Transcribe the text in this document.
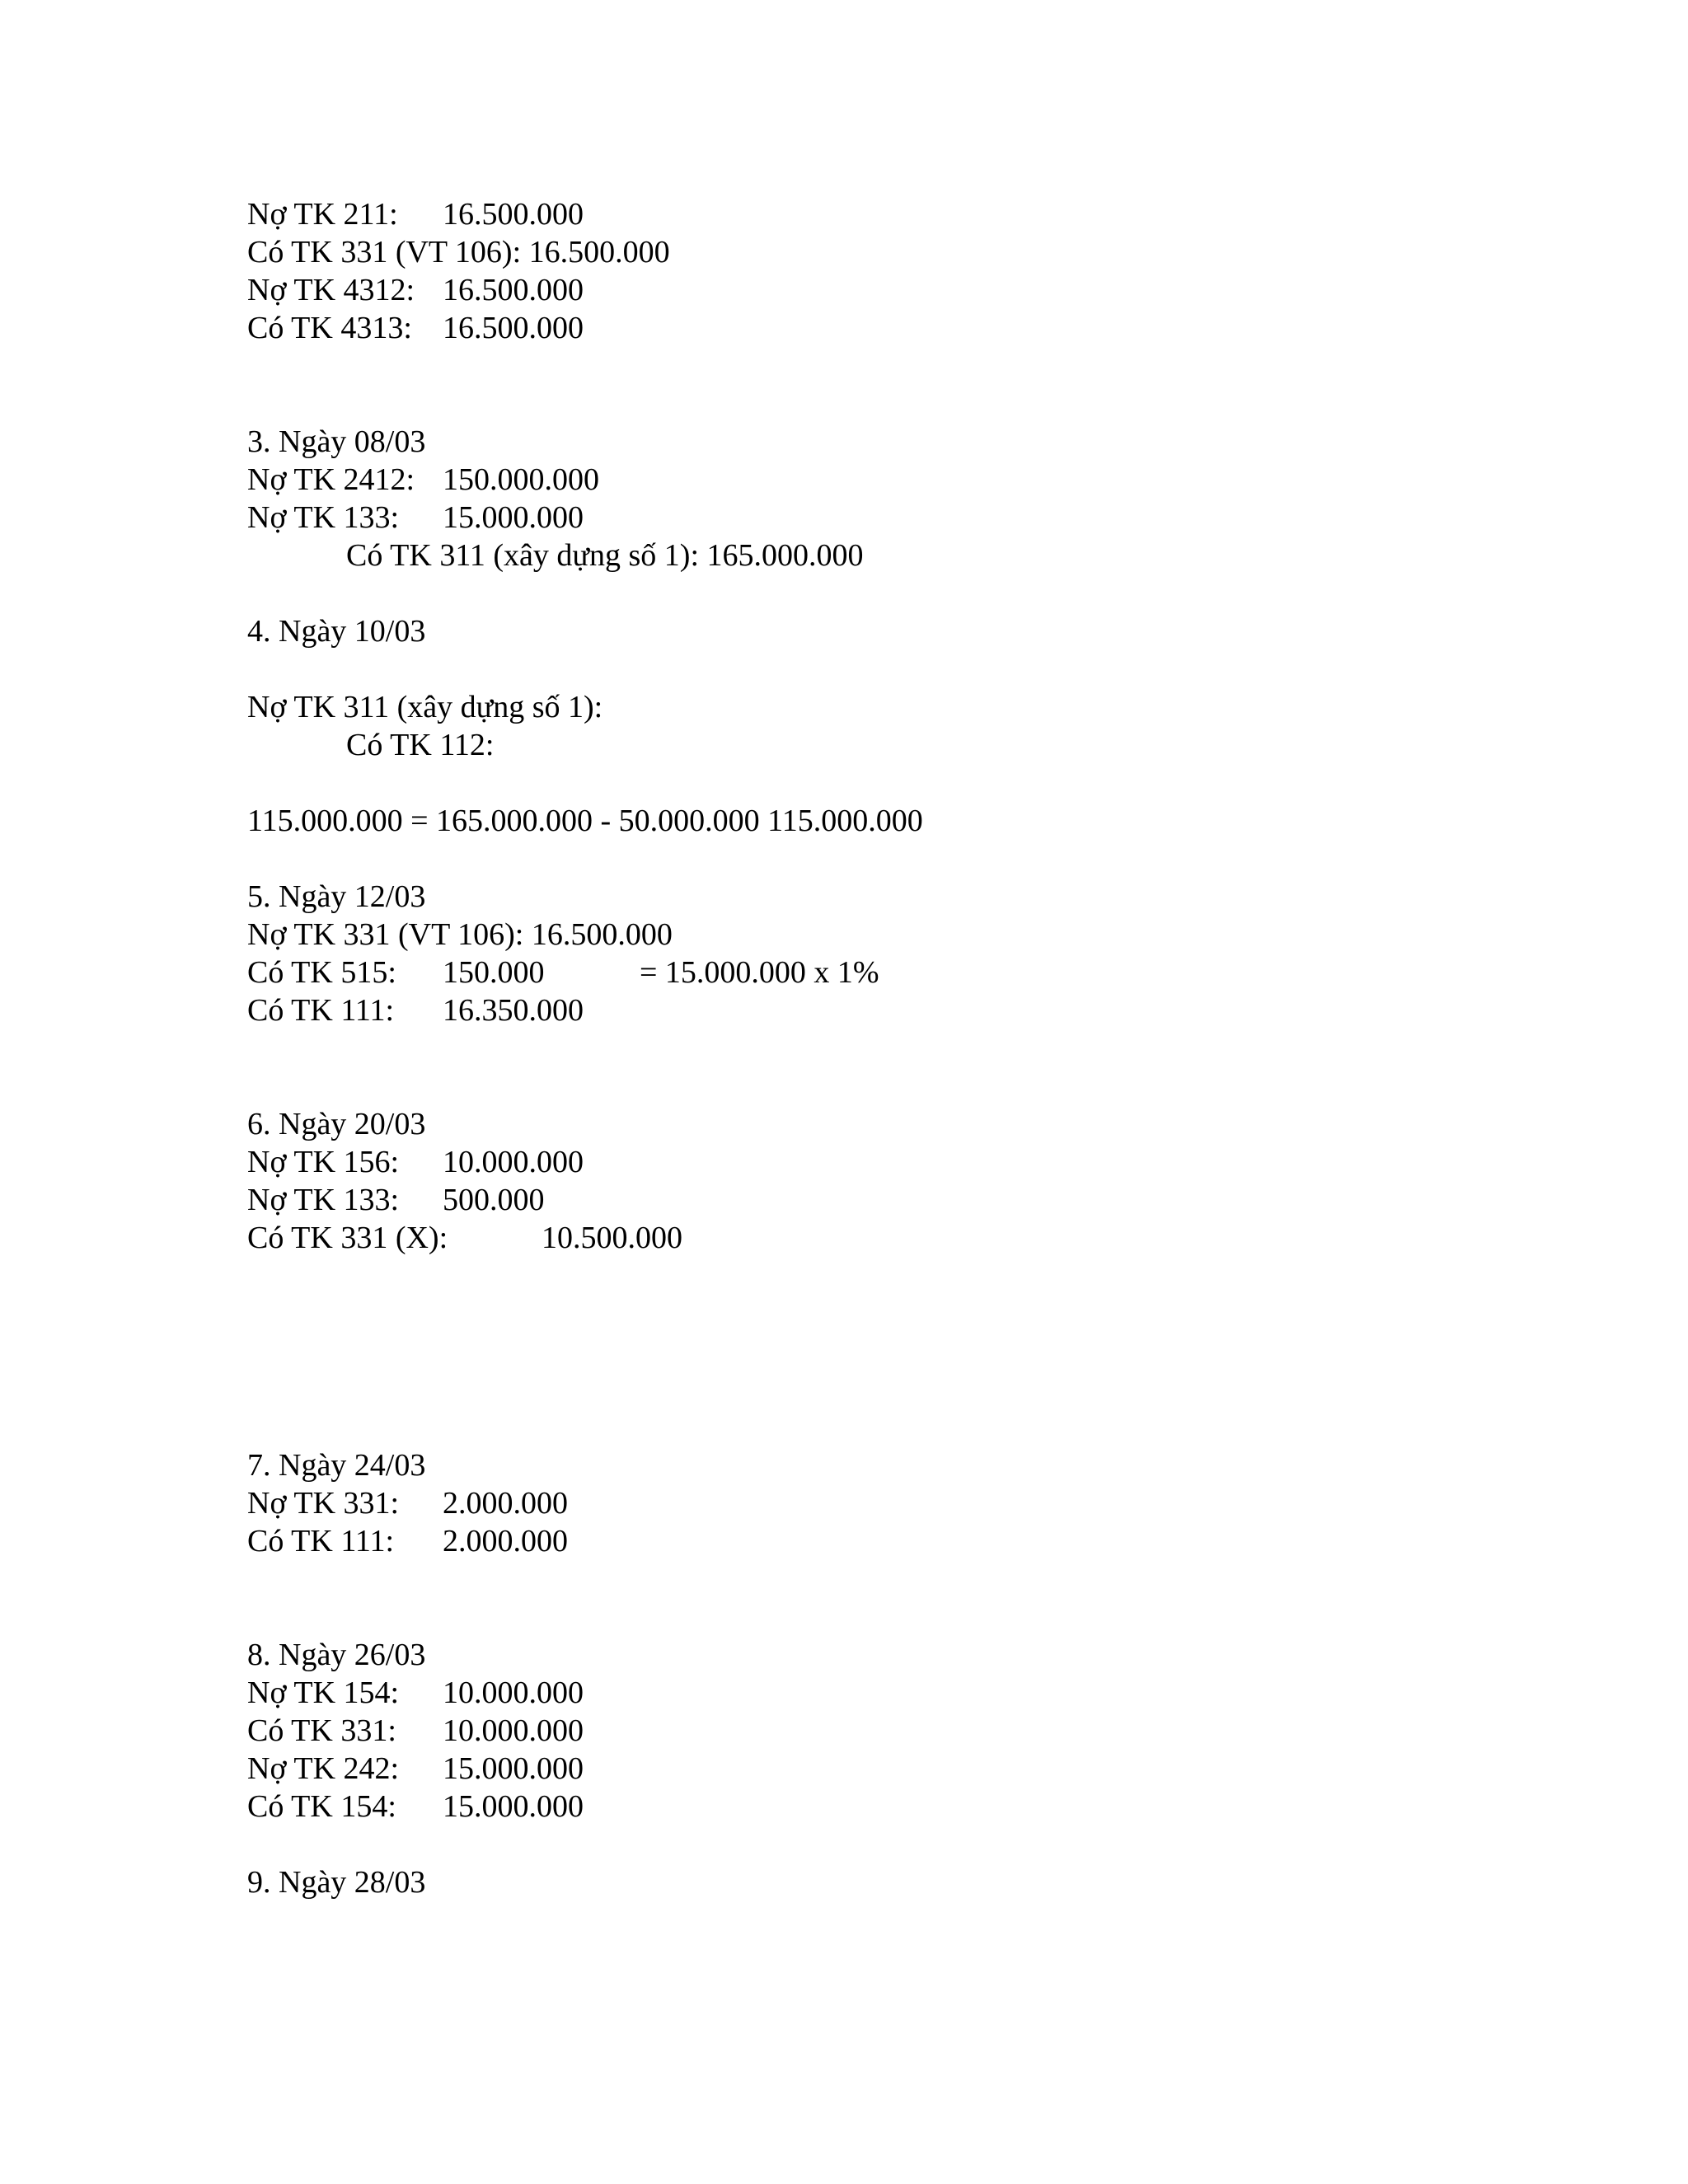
Nợ TK 211: 16.500.000
Có TK 331 (VT 106): 16.500.000
Nợ TK 4312: 16.500.000
Có TK 4313: 16.500.000
3. Ngày 08/03
Nợ TK 2412: 150.000.000
Nợ TK 133: 15.000.000
Có TK 311 (xây dựng số 1): 165.000.000
4. Ngày 10/03
Nợ TK 311 (xây dựng số 1):
Có TK 112:
115.000.000 = 165.000.000 - 50.000.000 115.000.000
5. Ngày 12/03
Nợ TK 331 (VT 106): 16.500.000
Có TK 515: 150.000	= 15.000.000 x 1%
Có TK 111: 16.350.000
6. Ngày 20/03
Nợ TK 156: 10.000.000
Nợ TK 133: 500.000
Có TK 331 (X):	10.500.000
7. Ngày 24/03
Nợ TK 331: 2.000.000
Có TK 111: 2.000.000
8. Ngày 26/03
Nợ TK 154: 10.000.000
Có TK 331: 10.000.000
Nợ TK 242: 15.000.000
Có TK 154: 15.000.000
9. Ngày 28/03
